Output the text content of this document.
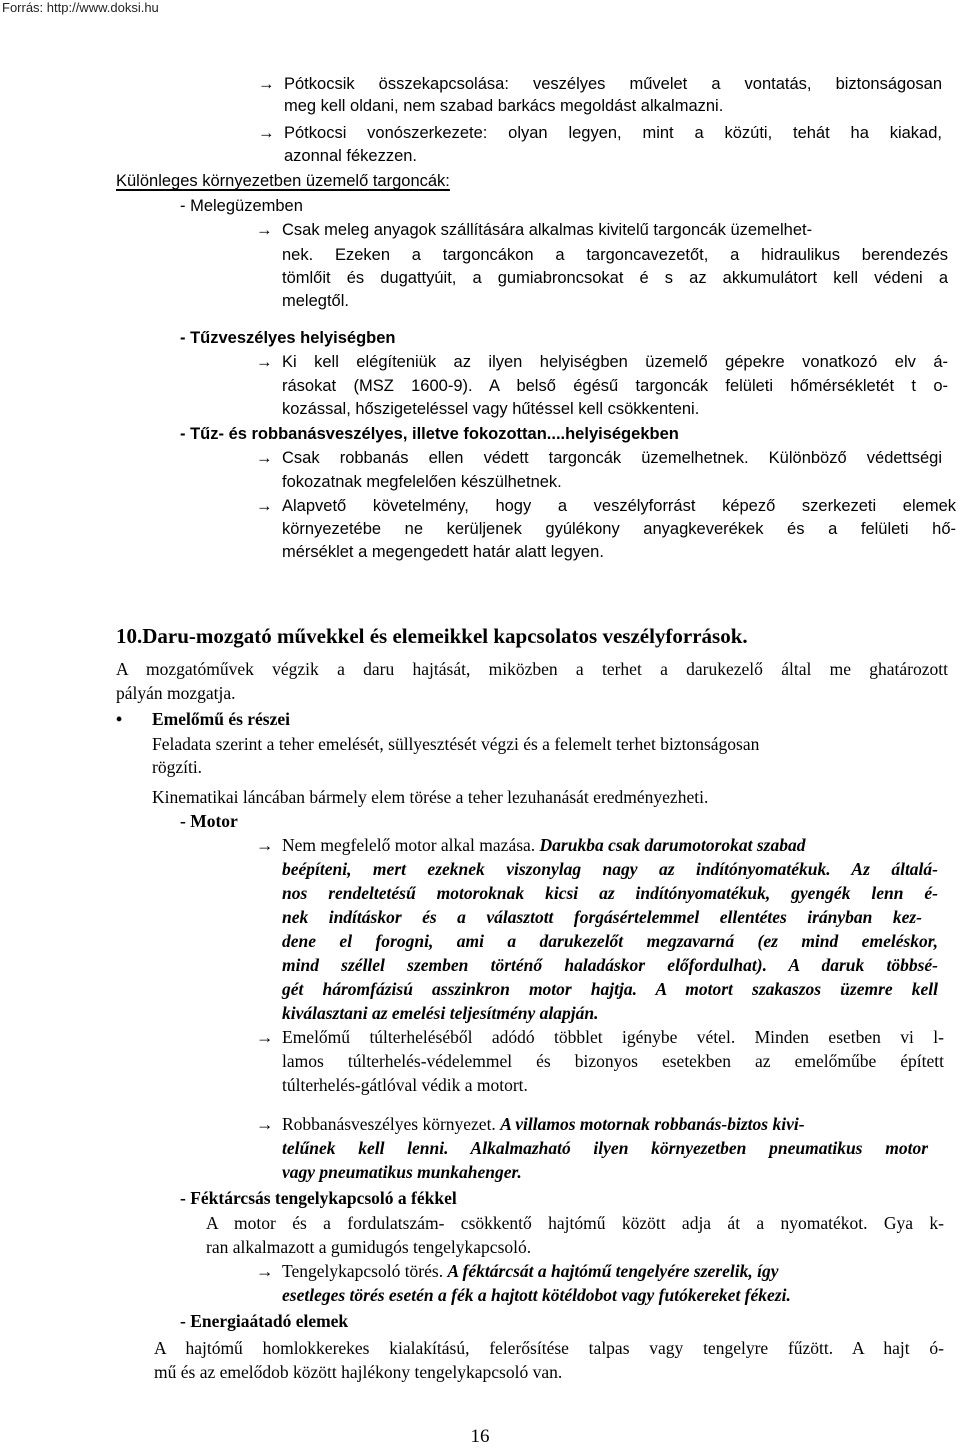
Forrás: http://www.doksi.hu
→ Pótkocsik összekapcsolása: veszélyes művelet a vontatás, biztonságosan
meg kell oldani, nem szabad barkács megoldást alkalmazni.
→ Pótkocsi vonószerkezete: olyan legyen, mint a közúti, tehát ha kiakad,
azonnal fékezzen.
Különleges környezetben üzemelő targoncák:
- Melegüzemben
→ Csak meleg anyagok szállítására alkalmas kivitelű targoncák üzemelhet-
nek. Ezeken a targoncákon a targoncavezetőt, a hidraulikus berendezés
tömlőit és dugattyúit, a gumiabroncsokat é s az akkumulátort kell védeni a
melegtől.
- Tűzveszélyes helyiségben
→ Ki kell elégíteniük az ilyen helyiségben üzemelő gépekre vonatkozó elv á-
rásokat (MSZ 1600-9). A belső égésű targoncák felületi hőmérsékletét t o-
kozással, hőszigeteléssel vagy hűtéssel kell csökkenteni.
- Tűz- és robbanásveszélyes, illetve fokozottan....helyiségekben
→ Csak robbanás ellen védett targoncák üzemelhetnek. Különböző védettségi
fokozatnak megfelelően készülhetnek.
→ Alapvető követelmény, hogy a veszélyforrást képező szerkezeti elemek
környezetébe ne kerüljenek gyúlékony anyagkeverékek és a felületi hő-
mérséklet a megengedett határ alatt legyen.
10.Daru-mozgató művekkel és elemeikkel kapcsolatos veszélyforrások.
A mozgatóművek végzik a daru hajtását, miközben a terhet a darukezelő által me ghatározott
pályán mozgatja.
• Emelőmű és részei
Feladata szerint a teher emelését, süllyesztését végzi és a felemelt terhet biztonságosan
rögzíti.
Kinematikai láncában bármely elem törése a teher lezuhanását eredményezheti.
- Motor
→ Nem megfelelő motor alkal mazása. Darukba csak darumotorokat szabad
beépíteni, mert ezeknek viszonylag nagy az indítónyomatékuk. Az általá-
nos rendeltetésű motoroknak kicsi az indítónyomatékuk, gyengék lenn é-
nek indításkor és a választott forgásértelemmel ellentétes irányban kez-
dene el forogni, ami a darukezelőt megzavarná (ez mind emeléskor,
mind széllel szemben történő haladáskor előfordulhat). A daruk többsé-
gét háromfázisú asszinkron motor hajtja. A motort szakaszos üzemre kell
kiválasztani az emelési teljesítmény alapján.
→ Emelőmű túlterheléséből adódó többlet igénybe vétel. Minden esetben vi l-
lamos túlterhelés-védelemmel és bizonyos esetekben az emelőműbe épített
túlterhelés-gátlóval védik a motort.
→ Robbanásveszélyes környezet. A villamos motornak robbanás-biztos kivi-
telűnek kell lenni. Alkalmazható ilyen környezetben pneumatikus motor
vagy pneumatikus munkahenger.
- Féktárcsás tengelykapcsoló a fékkel
A motor és a fordulatszám- csökkentő hajtómű között adja át a nyomatékot. Gya k-
ran alkalmazott a gumidugós tengelykapcsoló.
→ Tengelykapcsoló törés. A féktárcsát a hajtómű tengelyére szerelik, így
esetleges törés esetén a fék a hajtott kötéldobot vagy futókereket fékezi.
- Energiaátadó elemek
A hajtómű homlokkerekes kialakítású, felerősítése talpas vagy tengelyre fűzött. A hajt ó-
mű és az emelődob között hajlékony tengelykapcsoló van.
16
